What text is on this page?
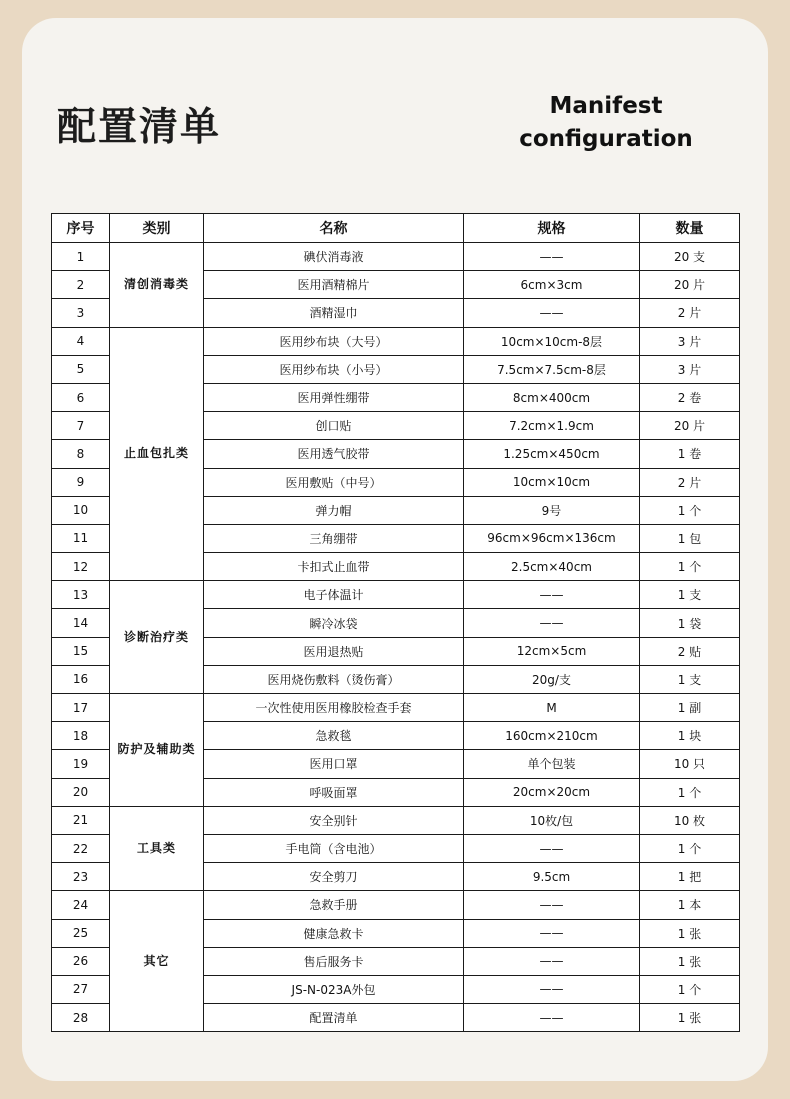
配置清单	Manifest
configuration
序号	类别	名称	规格	数量
1	清创消毒类	碘伏消毒液	——	20 支
2		医用酒精棉片	6cm×3cm	20 片
3		酒精湿巾	——	2 片
4	止血包扎类	医用纱布块（大号）	10cm×10cm-8层	3 片
5		医用纱布块（小号）	7.5cm×7.5cm-8层	3 片
6		医用弹性绷带	8cm×400cm	2 卷
7		创口贴	7.2cm×1.9cm	20 片
8		医用透气胶带	1.25cm×450cm	1 卷
9		医用敷贴（中号）	10cm×10cm	2 片
10		弹力帽	9号	1 个
11		三角绷带	96cm×96cm×136cm	1 包
12		卡扣式止血带	2.5cm×40cm	1 个
13	诊断治疗类	电子体温计	——	1 支
14		瞬冷冰袋	——	1 袋
15		医用退热贴	12cm×5cm	2 贴
16		医用烧伤敷料（烫伤膏）	20g/支	1 支
17	防护及辅助类	一次性使用医用橡胶检查手套	M	1 副
18		急救毯	160cm×210cm	1 块
19		医用口罩	单个包装	10 只
20		呼吸面罩	20cm×20cm	1 个
21	工具类	安全别针	10枚/包	10 枚
22		手电筒（含电池）	——	1 个
23		安全剪刀	9.5cm	1 把
24	其它	急救手册	——	1 本
25		健康急救卡	——	1 张
26		售后服务卡	——	1 张
27		JS-N-023A外包	——	1 个
28		配置清单	——	1 张
